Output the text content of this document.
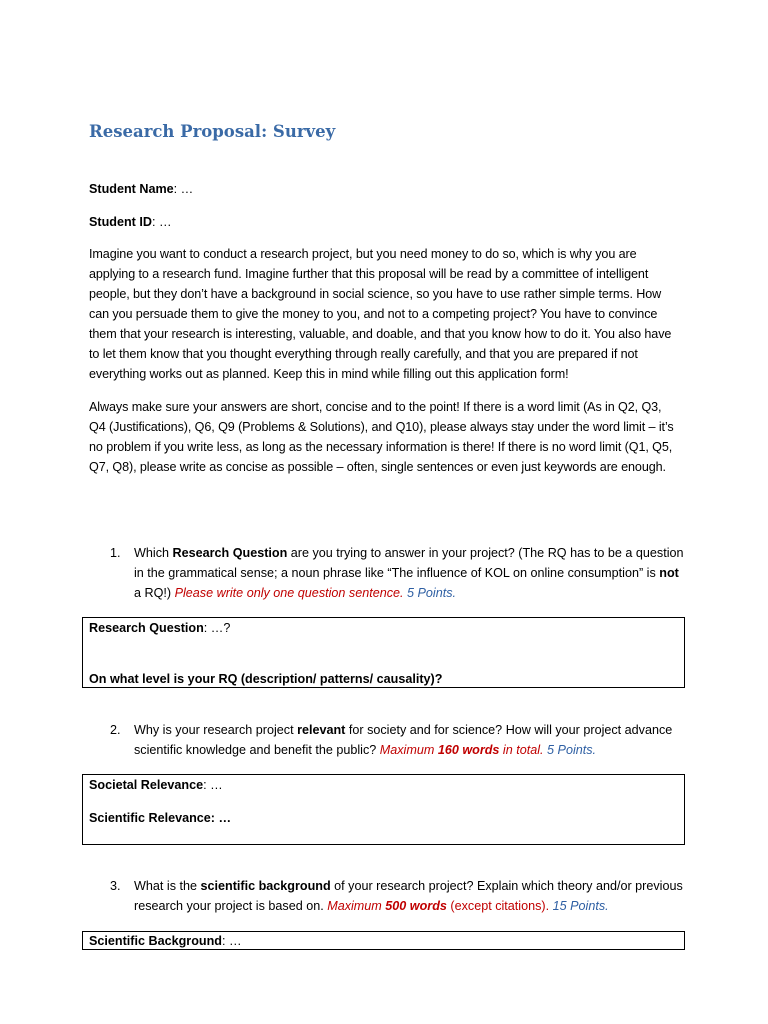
Research Proposal: Survey

Student Name: …

Student ID: …

Imagine you want to conduct a research project, but you need money to do so, which is why you are applying to a research fund. Imagine further that this proposal will be read by a committee of intelligent people, but they don’t have a background in social science, so you have to use rather simple terms. How can you persuade them to give the money to you, and not to a competing project? You have to convince them that your research is interesting, valuable, and doable, and that you know how to do it. You also have to let them know that you thought everything through really carefully, and that you are prepared if not everything works out as planned. Keep this in mind while filling out this application form!

Always make sure your answers are short, concise and to the point! If there is a word limit (As in Q2, Q3, Q4 (Justifications), Q6, Q9 (Problems & Solutions), and Q10), please always stay under the word limit – it’s no problem if you write less, as long as the necessary information is there! If there is no word limit (Q1, Q5, Q7, Q8), please write as concise as possible – often, single sentences or even just keywords are enough.

1. Which Research Question are you trying to answer in your project? (The RQ has to be a question in the grammatical sense; a noun phrase like “The influence of KOL on online consumption” is not a RQ!) Please write only one question sentence. 5 Points.
Research Question: …?
On what level is your RQ (description/ patterns/ causality)?
2. Why is your research project relevant for society and for science? How will your project advance scientific knowledge and benefit the public? Maximum 160 words in total. 5 Points.
Societal Relevance: …
Scientific Relevance: …
3. What is the scientific background of your research project? Explain which theory and/or previous research your project is based on. Maximum 500 words (except citations). 15 Points.
Scientific Background: …
